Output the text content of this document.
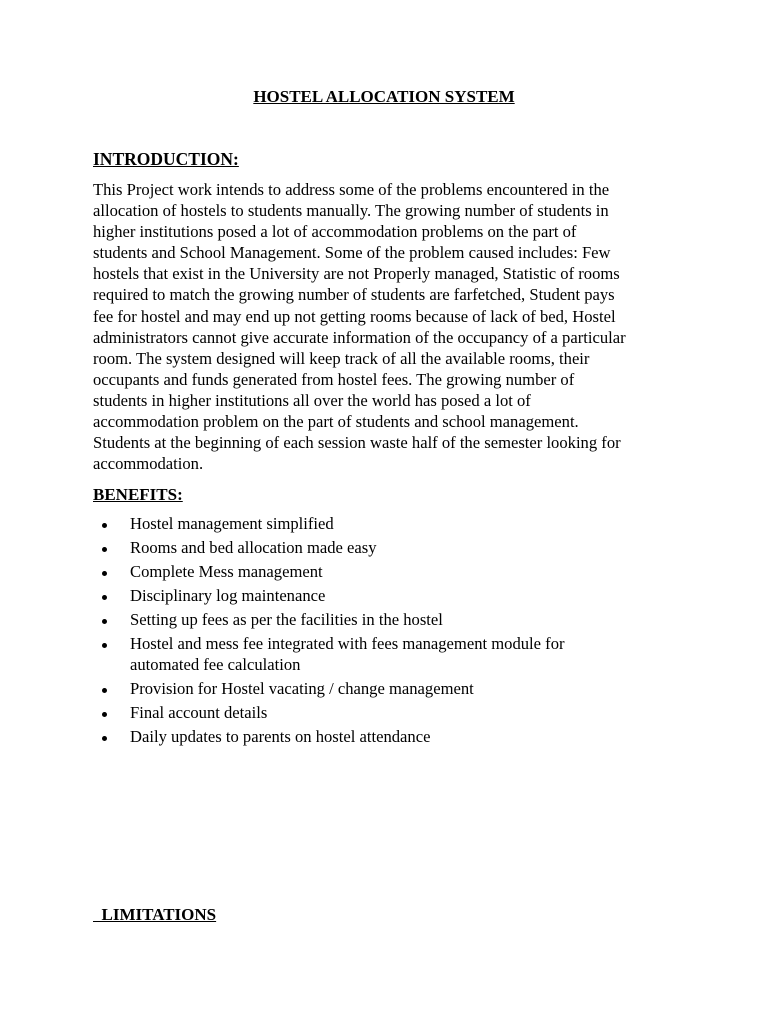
HOSTEL ALLOCATION SYSTEM
INTRODUCTION:

This Project work intends to address some of the problems encountered in the
allocation of hostels to students manually. The growing number of students in
higher institutions posed a lot of accommodation problems on the part of
students and School Management. Some of the problem caused includes: Few
hostels that exist in the University are not Properly managed, Statistic of rooms
required to match the growing number of students are farfetched, Student pays
fee for hostel and may end up not getting rooms because of lack of bed, Hostel
administrators cannot give accurate information of the occupancy of a particular
room. The system designed will keep track of all the available rooms, their
occupants and funds generated from hostel fees. The growing number of
students in higher institutions all over the world has posed a lot of
accommodation problem on the part of students and school management.
Students at the beginning of each session waste half of the semester looking for
accommodation.

BENEFITS:
Hostel management simplified
Rooms and bed allocation made easy
Complete Mess management
Disciplinary log maintenance
Setting up fees as per the facilities in the hostel
Hostel and mess fee integrated with fees management module for
automated fee calculation
Provision for Hostel vacating / change management
Final account details
Daily updates to parents on hostel attendance
LIMITATIONS
